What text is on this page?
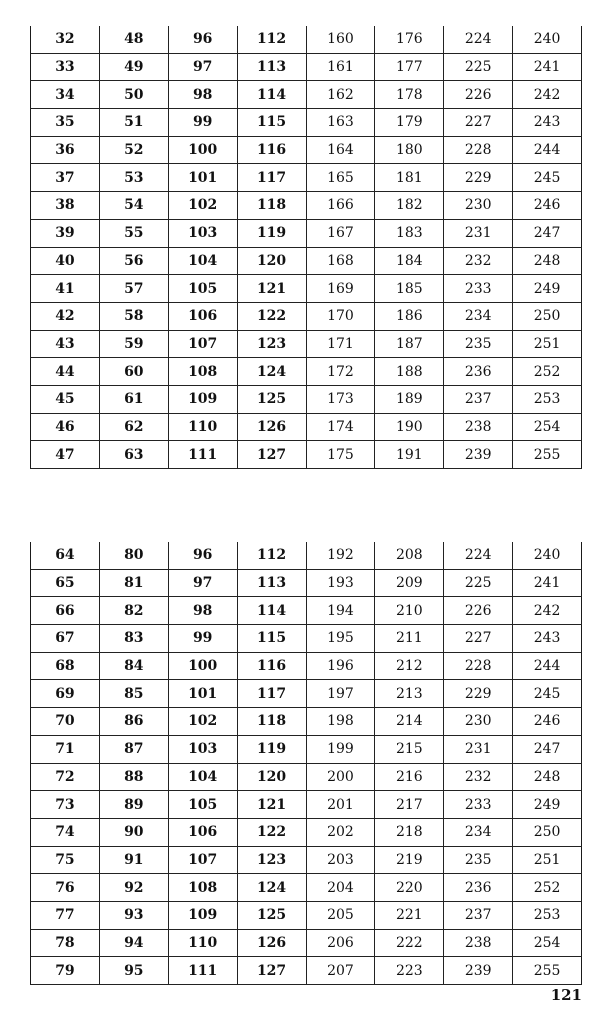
32	48	96	112	160	176	224	240
33	49	97	113	161	177	225	241
34	50	98	114	162	178	226	242
35	51	99	115	163	179	227	243
36	52	100	116	164	180	228	244
37	53	101	117	165	181	229	245
38	54	102	118	166	182	230	246
39	55	103	119	167	183	231	247
40	56	104	120	168	184	232	248
41	57	105	121	169	185	233	249
42	58	106	122	170	186	234	250
43	59	107	123	171	187	235	251
44	60	108	124	172	188	236	252
45	61	109	125	173	189	237	253
46	62	110	126	174	190	238	254
47	63	111	127	175	191	239	255
64	80	96	112	192	208	224	240
65	81	97	113	193	209	225	241
66	82	98	114	194	210	226	242
67	83	99	115	195	211	227	243
68	84	100	116	196	212	228	244
69	85	101	117	197	213	229	245
70	86	102	118	198	214	230	246
71	87	103	119	199	215	231	247
72	88	104	120	200	216	232	248
73	89	105	121	201	217	233	249
74	90	106	122	202	218	234	250
75	91	107	123	203	219	235	251
76	92	108	124	204	220	236	252
77	93	109	125	205	221	237	253
78	94	110	126	206	222	238	254
79	95	111	127	207	223	239	255
121
